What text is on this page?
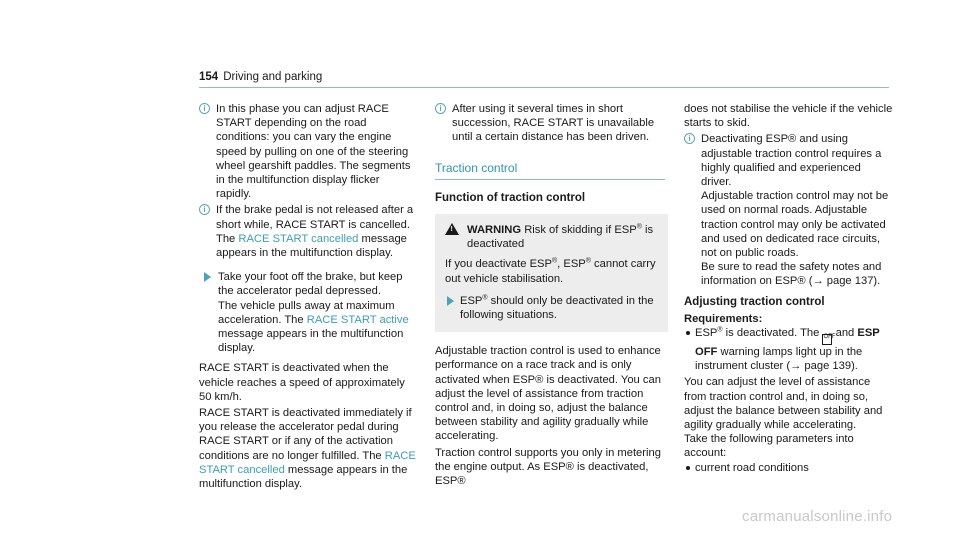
154 Driving and parking
i In this phase you can adjust RACE START depending on the road conditions: you can vary the engine speed by pulling on one of the steering wheel gearshift paddles. The segments in the multifunction display flicker rapidly.

i If the brake pedal is not released after a short while, RACE START is cancelled. The RACE START cancelled message appears in the multifunction display.

Take your foot off the brake, but keep the accelerator pedal depressed.

The vehicle pulls away at maximum acceleration. The RACE START active message appears in the multifunction display.

RACE START is deactivated when the vehicle reaches a speed of approximately 50 km/h.

RACE START is deactivated immediately if you release the accelerator pedal during RACE START or if any of the activation conditions are no longer fulfilled. The RACE START cancelled message appears in the multifunction display.

i After using it several times in short succession, RACE START is unavailable until a certain distance has been driven.

Traction control
Function of traction control
! WARNING Risk of skidding if ESP® is deactivated

If you deactivate ESP®, ESP® cannot carry out vehicle stabilisation.

ESP® should only be deactivated in the following situations.

Adjustable traction control is used to enhance performance on a race track and is only activated when ESP® is deactivated. You can adjust the level of assistance from traction control and, in doing so, adjust the balance between stability and agility gradually while accelerating.

Traction control supports you only in metering the engine output. As ESP® is deactivated, ESP®

does not stabilise the vehicle if the vehicle starts to skid.

i Deactivating ESP® and using adjustable traction control requires a highly qualified and experienced driver.

Adjustable traction control may not be used on normal roads. Adjustable traction control may only be activated and used on dedicated race circuits, not on public roads.

Be sure to read the safety notes and information on ESP® (→ page 137).

Adjusting traction control

Requirements:

ESP® is deactivated. The OFF and ESP OFF warning lamps light up in the instrument cluster (→ page 139).

You can adjust the level of assistance from traction control and, in doing so, adjust the balance between stability and agility gradually while accelerating.

Take the following parameters into account:

current road conditions
carmanualsonline.info
